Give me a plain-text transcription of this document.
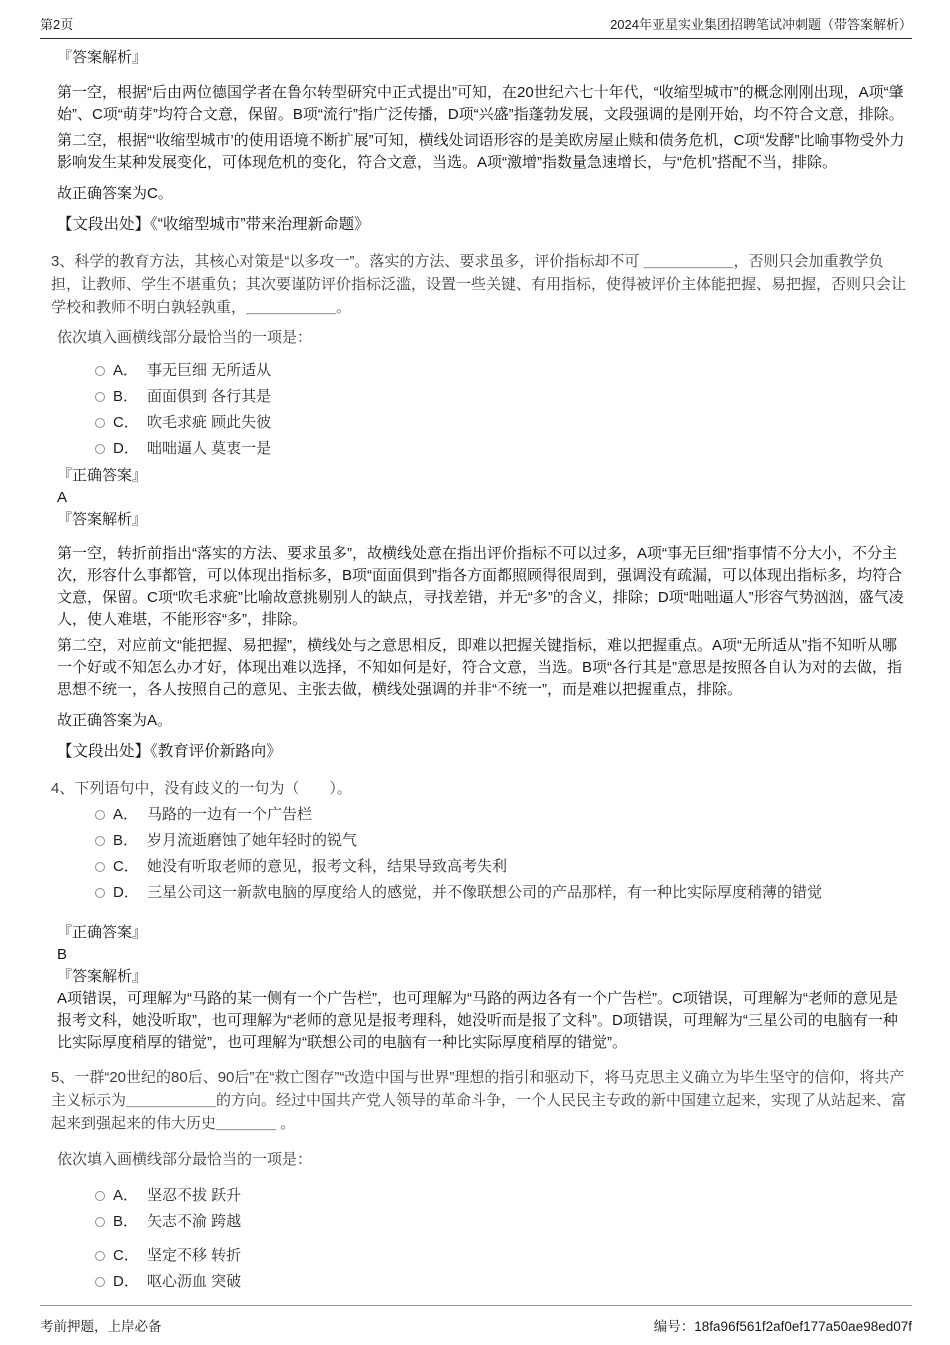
第2页	2024年亚星实业集团招聘笔试冲刺题（带答案解析）
『答案解析』

第一空，根据“后由两位德国学者在鲁尔转型研究中正式提出”可知，在20世纪六七十年代，“收缩型城市”的概念刚刚出现，A项“肇始”、C项“萌芽”均符合文意，保留。B项“流行”指广泛传播，D项“兴盛”指蓬勃发展，文段强调的是刚开始，均不符合文意，排除。

第二空，根据“‘收缩型城市’的使用语境不断扩展”可知，横线处词语形容的是美欧房屋止赎和债务危机，C项“发酵”比喻事物受外力影响发生某种发展变化，可体现危机的变化，符合文意，当选。A项“激增”指数量急速增长，与“危机”搭配不当，排除。

故正确答案为C。

【文段出处】《“收缩型城市”带来治理新命题》

3、科学的教育方法，其核心对策是“以多攻一”。落实的方法、要求虽多，评价指标却不可 ＿＿＿＿＿＿，否则只会加重教学负担，让教师、学生不堪重负；其次要谨防评价指标泛滥，设置一些关键、有用指标，使得被评价主体能把握、易把握，否则只会让学校和教师不明白孰轻孰重，＿＿＿＿＿＿。

依次填入画横线部分最恰当的一项是：

A． 事无巨细 无所适从
B． 面面俱到 各行其是
C． 吹毛求疵 顾此失彼
D． 咄咄逼人 莫衷一是
『正确答案』
A
『答案解析』

第一空，转折前指出“落实的方法、要求虽多”，故横线处意在指出评价指标不可以过多，A项“事无巨细”指事情不分大小，不分主次，形容什么事都管，可以体现出指标多，B项“面面俱到”指各方面都照顾得很周到，强调没有疏漏，可以体现出指标多，均符合文意，保留。C项“吹毛求疵”比喻故意挑剔别人的缺点，寻找差错，并无“多”的含义，排除；D项“咄咄逼人”形容气势汹汹，盛气凌人，使人难堪，不能形容“多”，排除。

第二空，对应前文“能把握、易把握”，横线处与之意思相反，即难以把握关键指标，难以把握重点。A项“无所适从”指不知听从哪一个好或不知怎么办才好，体现出难以选择，不知如何是好，符合文意，当选。B项“各行其是”意思是按照各自认为对的去做，指思想不统一，各人按照自己的意见、主张去做，横线处强调的并非“不统一”，而是难以把握重点，排除。

故正确答案为A。

【文段出处】《教育评价新路向》

4、下列语句中，没有歧义的一句为（　　）。

A． 马路的一边有一个广告栏
B． 岁月流逝磨蚀了她年轻时的锐气
C． 她没有听取老师的意见，报考文科，结果导致高考失利
D． 三星公司这一新款电脑的厚度给人的感觉，并不像联想公司的产品那样，有一种比实际厚度稍薄的错觉
『正确答案』
B
『答案解析』

A项错误，可理解为“马路的某一侧有一个广告栏”，也可理解为“马路的两边各有一个广告栏”。C项错误，可理解为“老师的意见是报考文科，她没听取”，也可理解为“老师的意见是报考理科，她没听而是报了文科”。D项错误，可理解为“三星公司的电脑有一种比实际厚度稍厚的错觉”，也可理解为“联想公司的电脑有一种比实际厚度稍厚的错觉”。

5、一群“20世纪的80后、90后”在“救亡图存”“改造中国与世界”理想的指引和驱动下，将马克思主义确立为毕生坚守的信仰，将共产主义标示为＿＿＿＿＿＿的方向。经过中国共产党人领导的革命斗争，一个人民民主专政的新中国建立起来，实现了从站起来、富起来到强起来的伟大历史＿＿＿＿ 。

依次填入画横线部分最恰当的一项是：

A． 坚忍不拔 跃升
B． 矢志不渝 跨越
C． 坚定不移 转折
D． 呕心沥血 突破
考前押题，上岸必备	编号： 18fa96f561f2af0ef177a50ae98ed07f
